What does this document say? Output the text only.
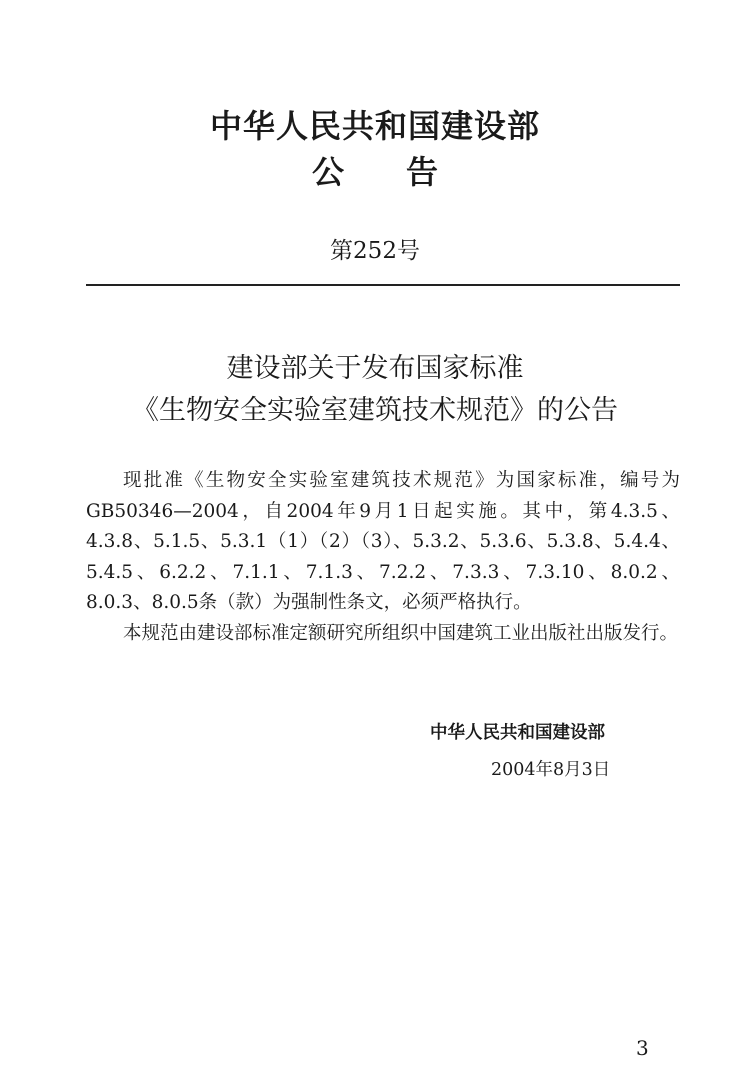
中华人民共和国建设部
公告
第252号
建设部关于发布国家标准
《生物安全实验室建筑技术规范》的公告

现批准《生物安全实验室建筑技术规范》为国家标准，编号为GB50346—2004，自2004年9月1日起实施。其中，第4.3.5、4.3.8、5.1.5、5.3.1（1）（2）（3）、5.3.2、5.3.6、5.3.8、5.4.4、5.4.5、6.2.2、7.1.1、7.1.3、7.2.2、7.3.3、7.3.10、8.0.2、8.0.3、8.0.5条（款）为强制性条文，必须严格执行。

本规范由建设部标准定额研究所组织中国建筑工业出版社出版发行。

中华人民共和国建设部
2004年8月3日
3
